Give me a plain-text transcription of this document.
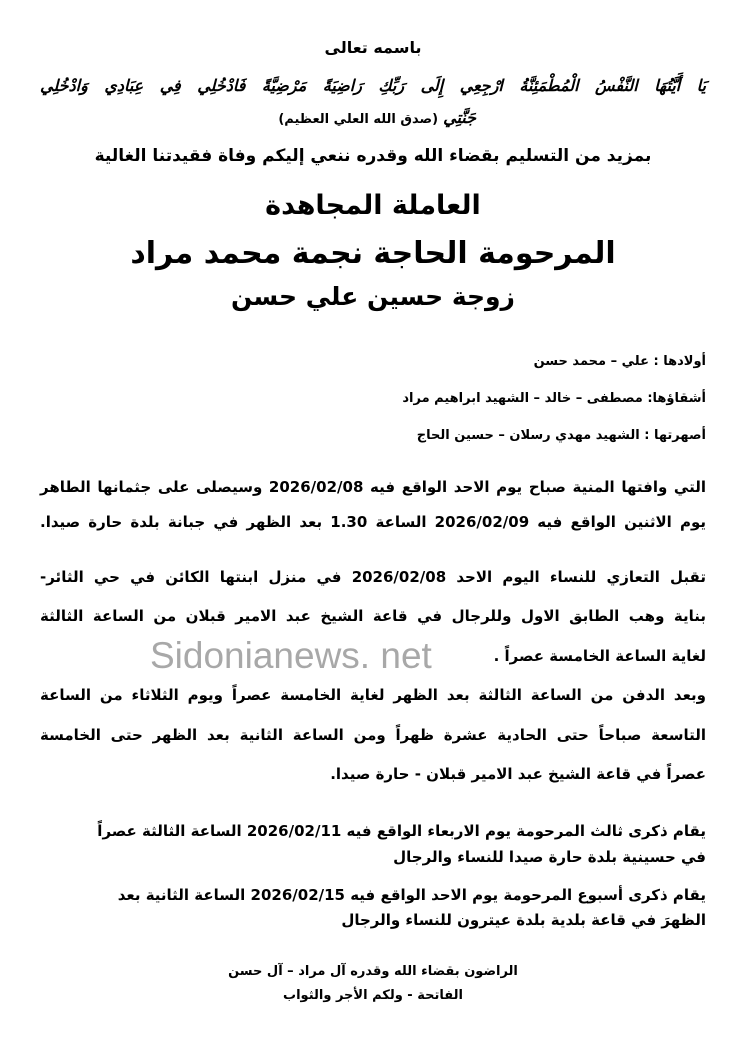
باسمه تعالى
يَا أَيَّتُهَا النَّفْسُ الْمُطْمَئِنَّةُ ارْجِعِي إِلَى رَبِّكِ رَاضِيَةً مَرْضِيَّةً فَادْخُلِي فِي عِبَادِي وَادْخُلِي
جَنَّتِي (صدق الله العلي العظيم)
بمزيد من التسليم بقضاء الله وقدره ننعي إليكم وفاة فقيدتنا الغالية
العاملة المجاهدة
المرحومة الحاجة نجمة محمد مراد
زوجة حسين علي حسن
أولادها : علي – محمد حسن
أشقاؤها: مصطفى – خالد – الشهيد ابراهيم مراد
أصهرتها : الشهيد مهدي رسلان – حسين الحاج
التي وافتها المنية صباح يوم الاحد الواقع فيه 2026/02/08 وسيصلى على جثمانها الطاهر
يوم الاثنين الواقع فيه 2026/02/09 الساعة 1.30 بعد الظهر في جبانة بلدة حارة صيدا.
تقبل التعازي للنساء اليوم الاحد 2026/02/08 في منزل ابنتها الكائن في حي الثائر-
بناية وهب الطابق الاول وللرجال في قاعة الشيخ عبد الامير قبلان من الساعة الثالثة
لغاية الساعة الخامسة عصراً .
وبعد الدفن من الساعة الثالثة بعد الظهر لغاية الخامسة عصراً ويوم الثلاثاء من الساعة
التاسعة صباحاً حتى الحادية عشرة ظهراً ومن الساعة الثانية بعد الظهر حتى الخامسة
عصراً في قاعة الشيخ عبد الامير قبلان - حارة صيدا.
يقام ذكرى ثالث المرحومة يوم الاربعاء الواقع فيه 2026/02/11 الساعة الثالثة عصراً
في حسينية بلدة حارة صيدا للنساء والرجال
يقام ذكرى أسبوع المرحومة يوم الاحد الواقع فيه 2026/02/15 الساعة الثانية بعد
الظهرَ في قاعة بلدية بلدة عيترون للنساء والرجال
الراضون بقضاء الله وقدره آل مراد – آل حسن
الفاتحة - ولكم الأجر والثواب
Sidonianews. net
